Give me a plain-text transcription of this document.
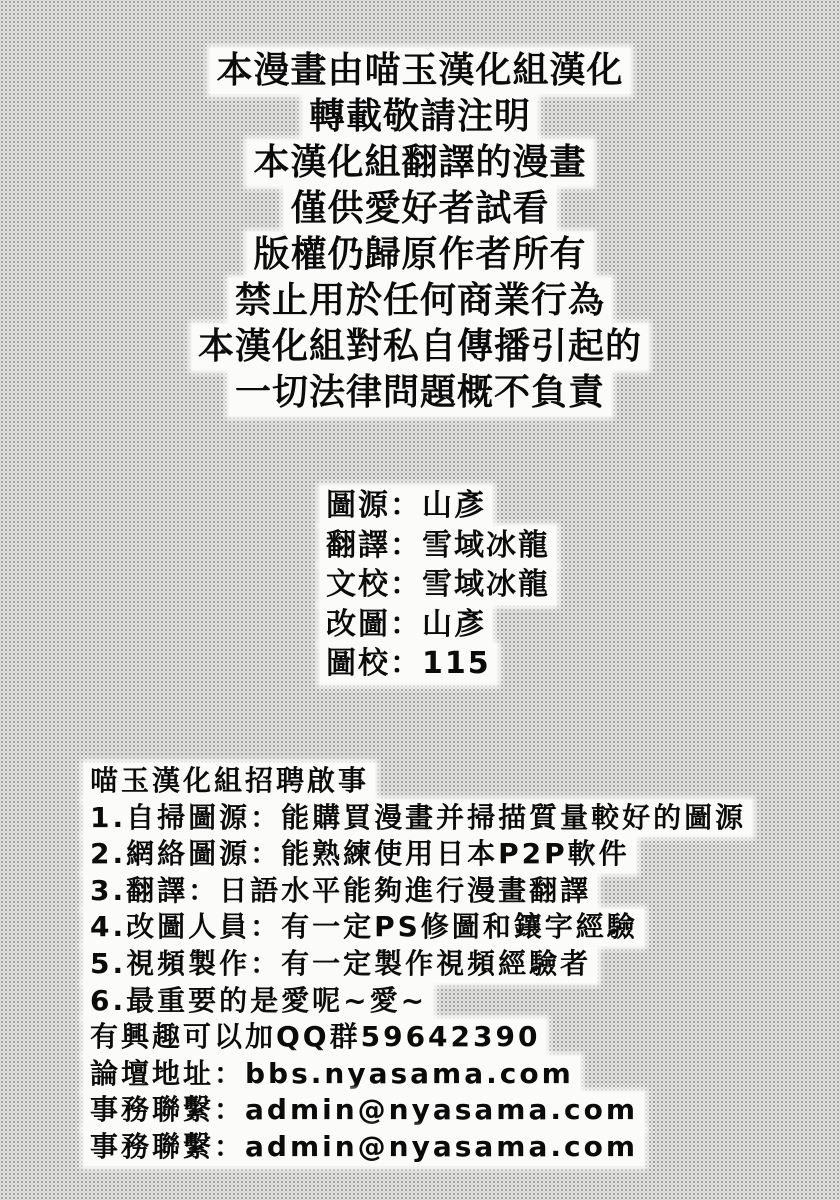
本漫畫由喵玉漢化組漢化
轉載敬請注明
本漢化組翻譯的漫畫
僅供愛好者試看
版權仍歸原作者所有
禁止用於任何商業行為
本漢化組對私自傳播引起的
一切法律問題概不負責
圖源：山彥
翻譯：雪域冰龍
文校：雪域冰龍
改圖：山彥
圖校：115
喵玉漢化組招聘啟事
1.自掃圖源：能購買漫畫并掃描質量較好的圖源
2.網絡圖源：能熟練使用日本P2P軟件
3.翻譯：日語水平能夠進行漫畫翻譯
4.改圖人員：有一定PS修圖和鑲字經驗
5.視頻製作：有一定製作視頻經驗者
6.最重要的是愛呢~愛~
有興趣可以加QQ群59642390
論壇地址：bbs.nyasama.com
事務聯繫：admin@nyasama.com
事務聯繫：admin@nyasama.com
